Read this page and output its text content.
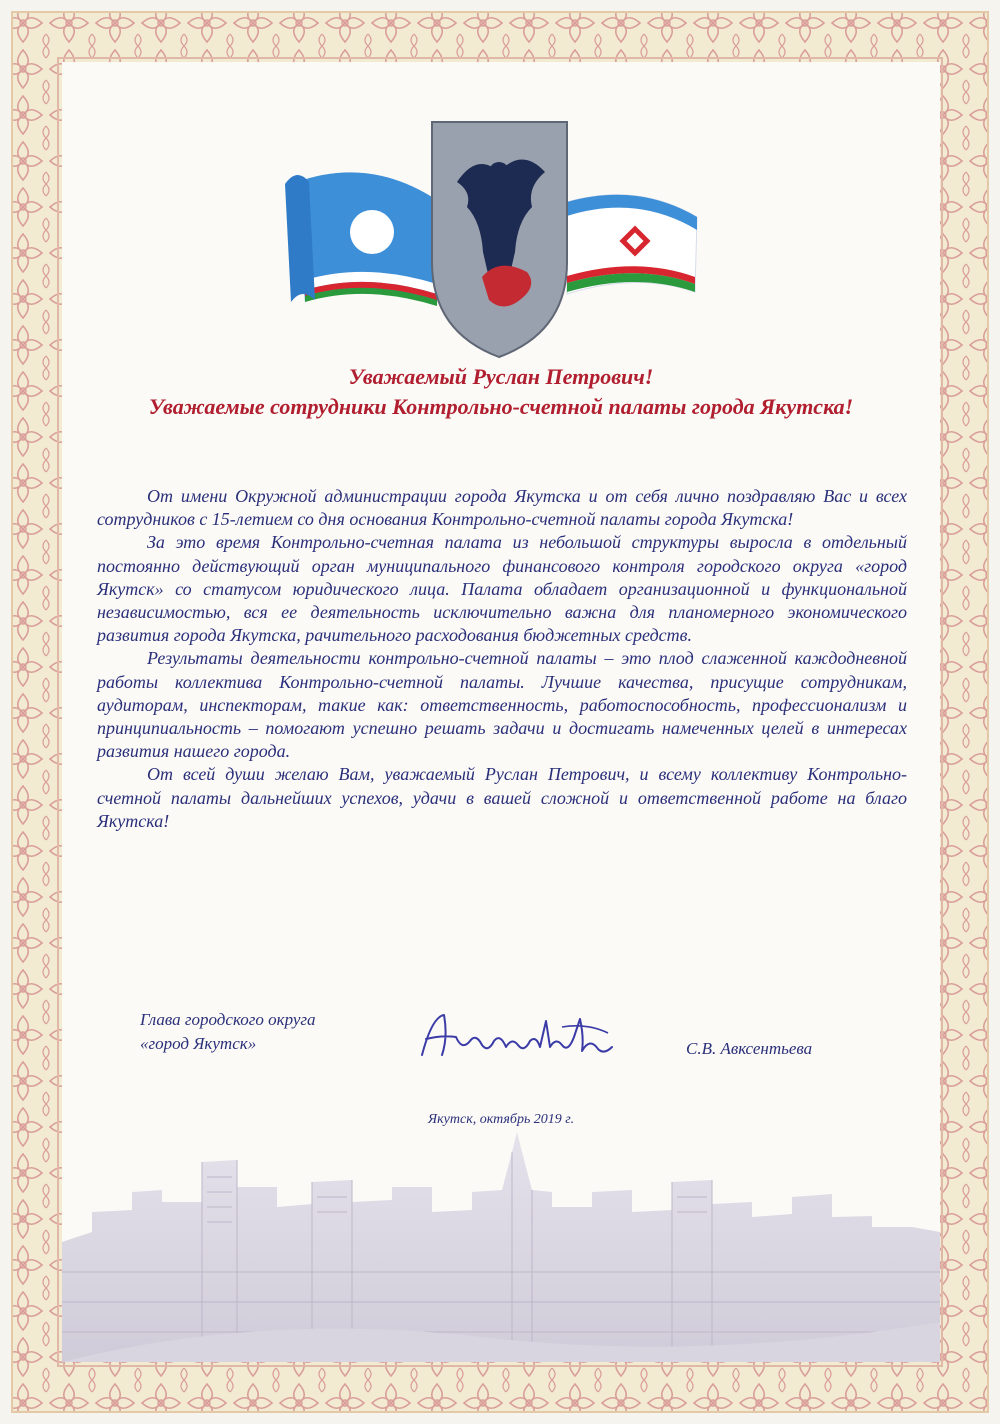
Уважаемый Руслан Петрович!
Уважаемые сотрудники Контрольно-счетной палаты города Якутска!

От имени Окружной администрации города Якутска и от себя лично поздравляю Вас и всех сотрудников с 15-летием со дня основания Контрольно-счетной палаты города Якутска!

За это время Контрольно-счетная палата из небольшой структуры выросла в отдельный постоянно действующий орган муниципального финансового контроля городского округа «город Якутск» со статусом юридического лица. Палата обладает организационной и функциональной независимостью, вся ее деятельность исключительно важна для планомерного экономического развития города Якутска, рачительного расходования бюджетных средств.

Результаты деятельности контрольно-счетной палаты – это плод слаженной каждодневной работы коллектива Контрольно-счетной палаты. Лучшие качества, присущие сотрудникам, аудиторам, инспекторам, такие как: ответственность, работоспособность, профессионализм и принципиальность – помогают успешно решать задачи и достигать намеченных целей в интересах развития нашего города.

От всей души желаю Вам, уважаемый Руслан Петрович, и всему коллективу Контрольно-счетной палаты дальнейших успехов, удачи в вашей сложной и ответственной работе на благо Якутска!

Глава городского округа
«город Якутск»	С.В. Авксентьева
Якутск, октябрь 2019 г.
